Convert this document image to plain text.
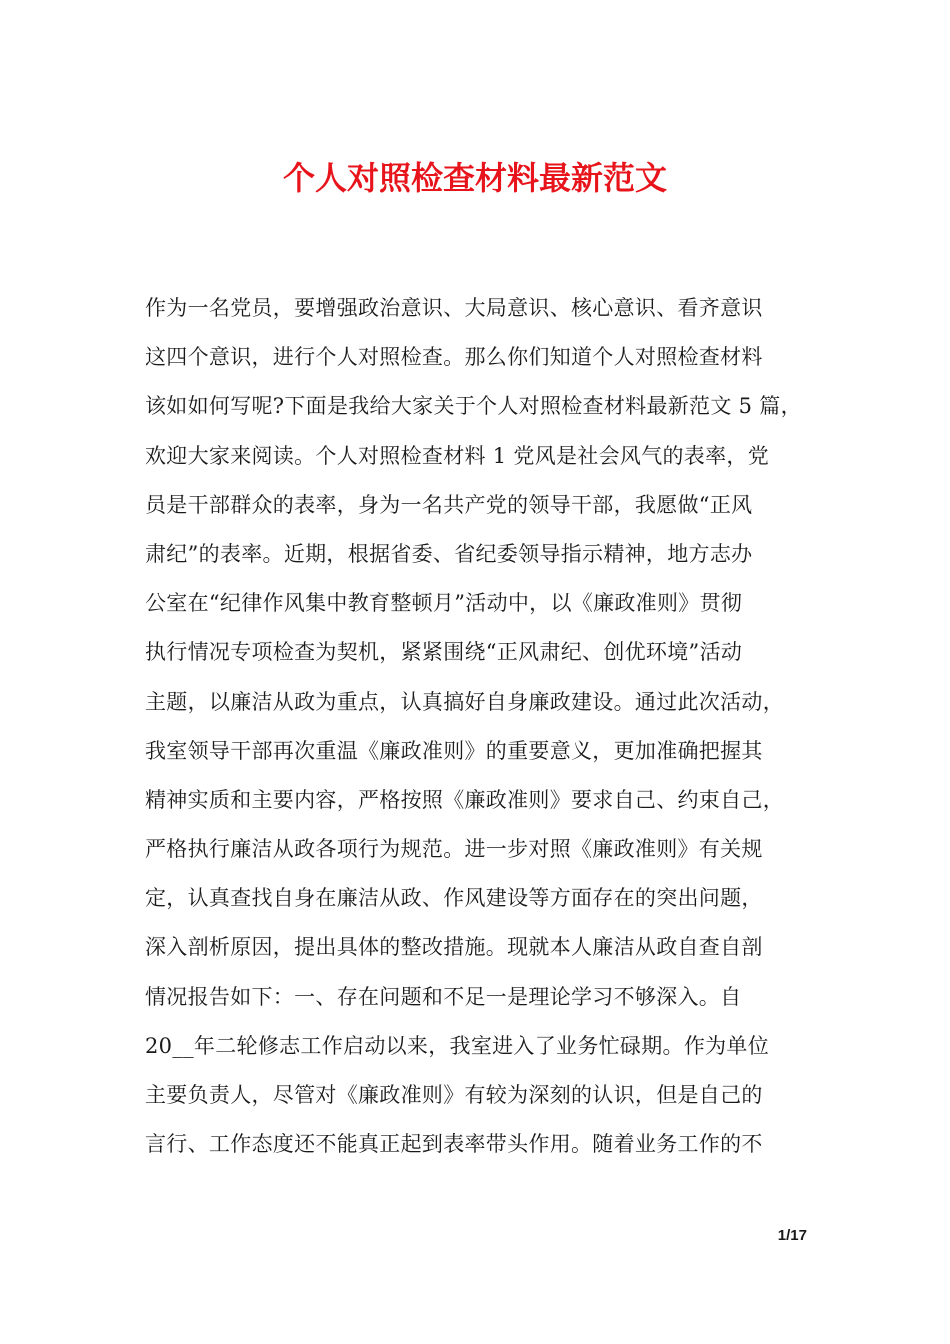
个人对照检查材料最新范文
作为一名党员，要增强政治意识、大局意识、核心意识、看齐意识
这四个意识，进行个人对照检查。那么你们知道个人对照检查材料
该如如何写呢?下面是我给大家关于个人对照检查材料最新范文 5 篇，
欢迎大家来阅读。个人对照检查材料 1 党风是社会风气的表率，党
员是干部群众的表率，身为一名共产党的领导干部，我愿做“正风
肃纪”的表率。近期，根据省委、省纪委领导指示精神，地方志办
公室在“纪律作风集中教育整顿月”活动中，以《廉政准则》贯彻
执行情况专项检查为契机，紧紧围绕“正风肃纪、创优环境”活动
主题，以廉洁从政为重点，认真搞好自身廉政建设。通过此次活动，
我室领导干部再次重温《廉政准则》的重要意义，更加准确把握其
精神实质和主要内容，严格按照《廉政准则》要求自己、约束自己，
严格执行廉洁从政各项行为规范。进一步对照《廉政准则》有关规
定，认真查找自身在廉洁从政、作风建设等方面存在的突出问题，
深入剖析原因，提出具体的整改措施。现就本人廉洁从政自查自剖
情况报告如下：一、存在问题和不足一是理论学习不够深入。自
20__年二轮修志工作启动以来，我室进入了业务忙碌期。作为单位
主要负责人，尽管对《廉政准则》有较为深刻的认识，但是自己的
言行、工作态度还不能真正起到表率带头作用。随着业务工作的不
1/17
